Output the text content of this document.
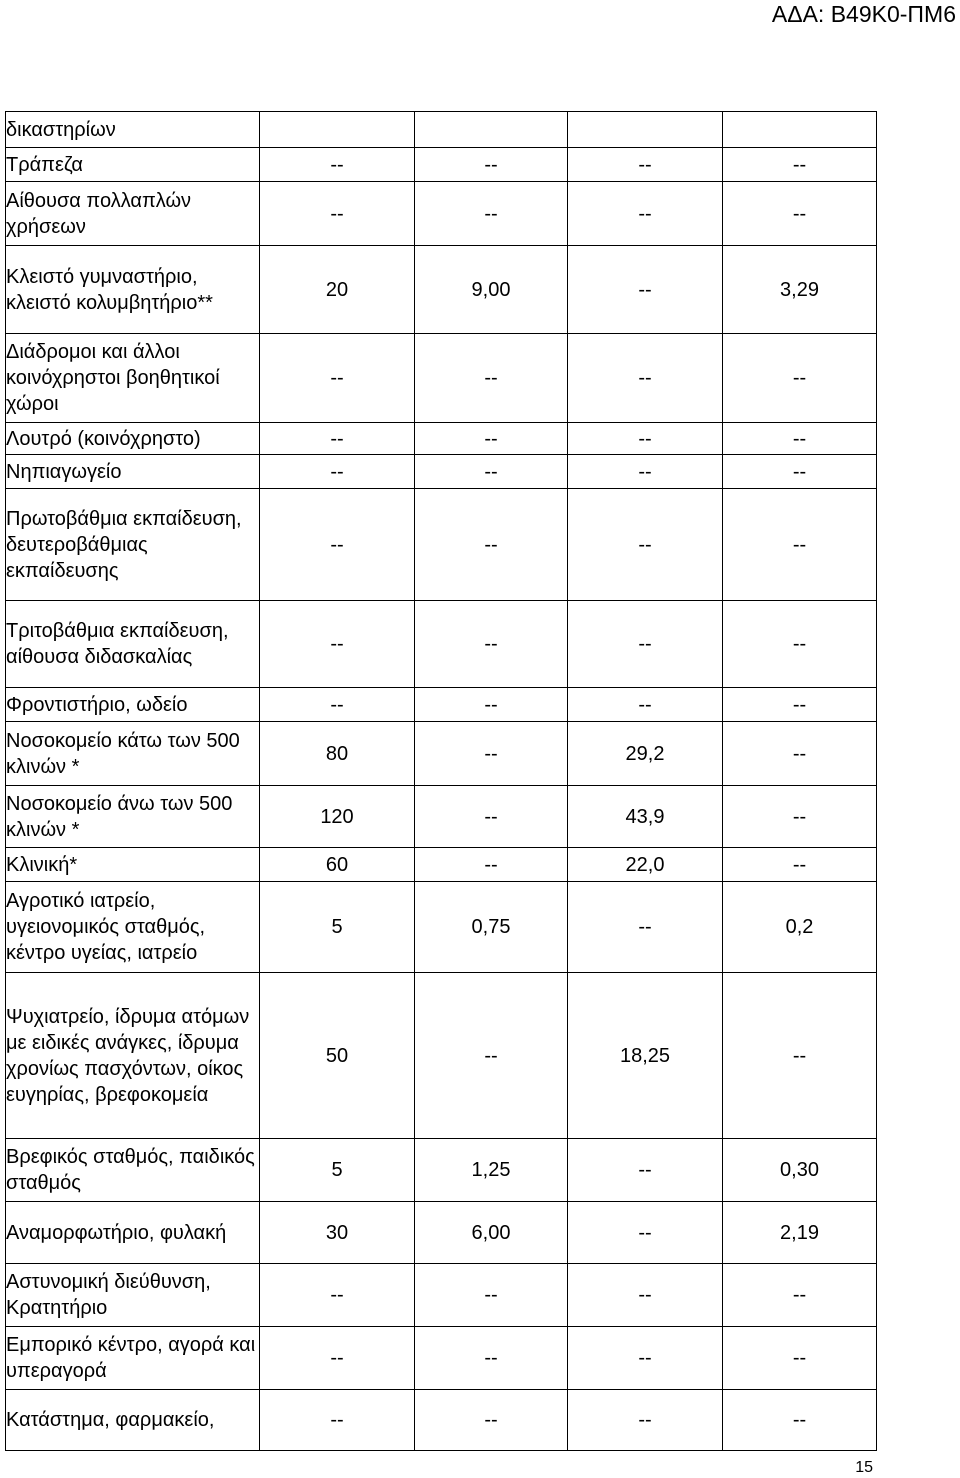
ΑΔΑ: Β49Κ0-ΠΜ6
δικαστηρίων				
Τράπεζα	--	--	--	--
Αίθουσα πολλαπλών χρήσεων	--	--	--	--
Κλειστό γυμναστήριο, κλειστό κολυμβητήριο**	20	9,00	--	3,29
Διάδρομοι και άλλοι κοινόχρηστοι βοηθητικοί χώροι	--	--	--	--
Λουτρό (κοινόχρηστο)	--	--	--	--
Νηπιαγωγείο	--	--	--	--
Πρωτοβάθμια εκπαίδευση, δευτεροβάθμιας εκπαίδευσης	--	--	--	--
Τριτοβάθμια εκπαίδευση, αίθουσα διδασκαλίας	--	--	--	--
Φροντιστήριο, ωδείο	--	--	--	--
Νοσοκομείο κάτω των 500 κλινών *	80	--	29,2	--
Νοσοκομείο άνω των 500 κλινών *	120	--	43,9	--
Κλινική*	60	--	22,0	--
Αγροτικό ιατρείο, υγειονομικός σταθμός, κέντρο υγείας, ιατρείο	5	0,75	--	0,2
Ψυχιατρείο, ίδρυμα ατόμων με ειδικές ανάγκες, ίδρυμα χρονίως πασχόντων, οίκος ευγηρίας, βρεφοκομεία	50	--	18,25	--
Βρεφικός σταθμός, παιδικός σταθμός	5	1,25	--	0,30
Αναμορφωτήριο, φυλακή	30	6,00	--	2,19
Αστυνομική διεύθυνση, Κρατητήριο	--	--	--	--
Εμπορικό κέντρο, αγορά και υπεραγορά	--	--	--	--
Κατάστημα, φαρμακείο,	--	--	--	--
15
